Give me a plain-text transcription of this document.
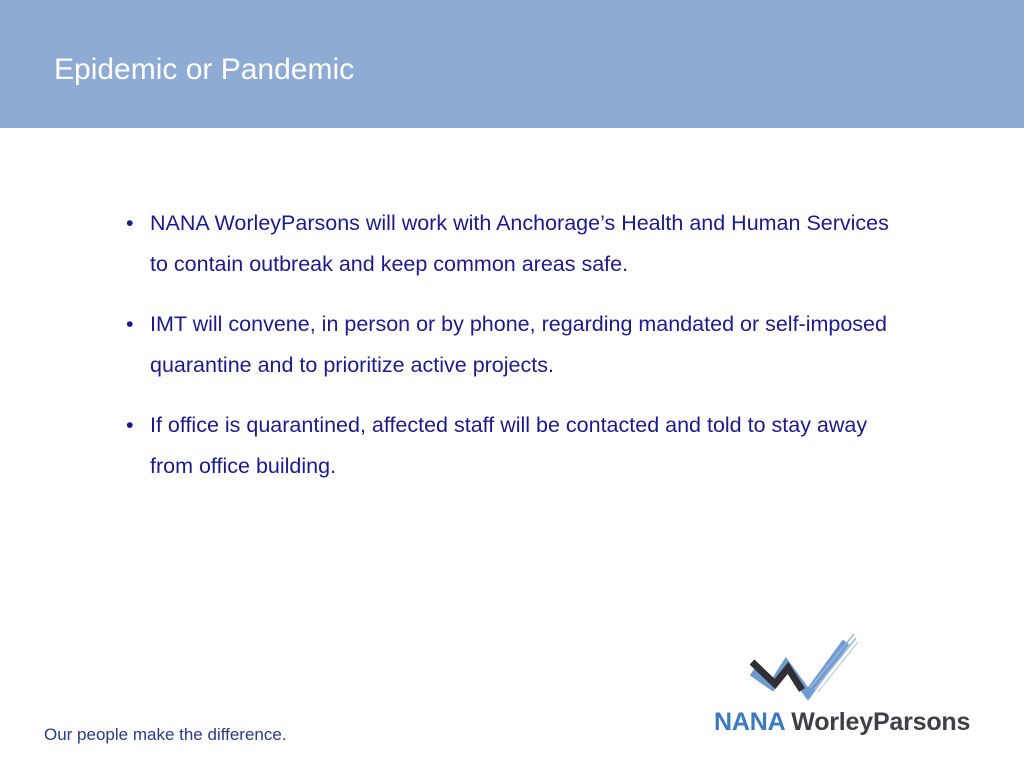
Epidemic or Pandemic
• NANA WorleyParsons will work with Anchorage’s Health and Human Services to contain outbreak and keep common areas safe.
• IMT will convene, in person or by phone, regarding mandated or self-imposed quarantine and to prioritize active projects.
• If office is quarantined, affected staff will be contacted and told to stay away from office building.
Our people make the difference.	NANA WorleyParsons
